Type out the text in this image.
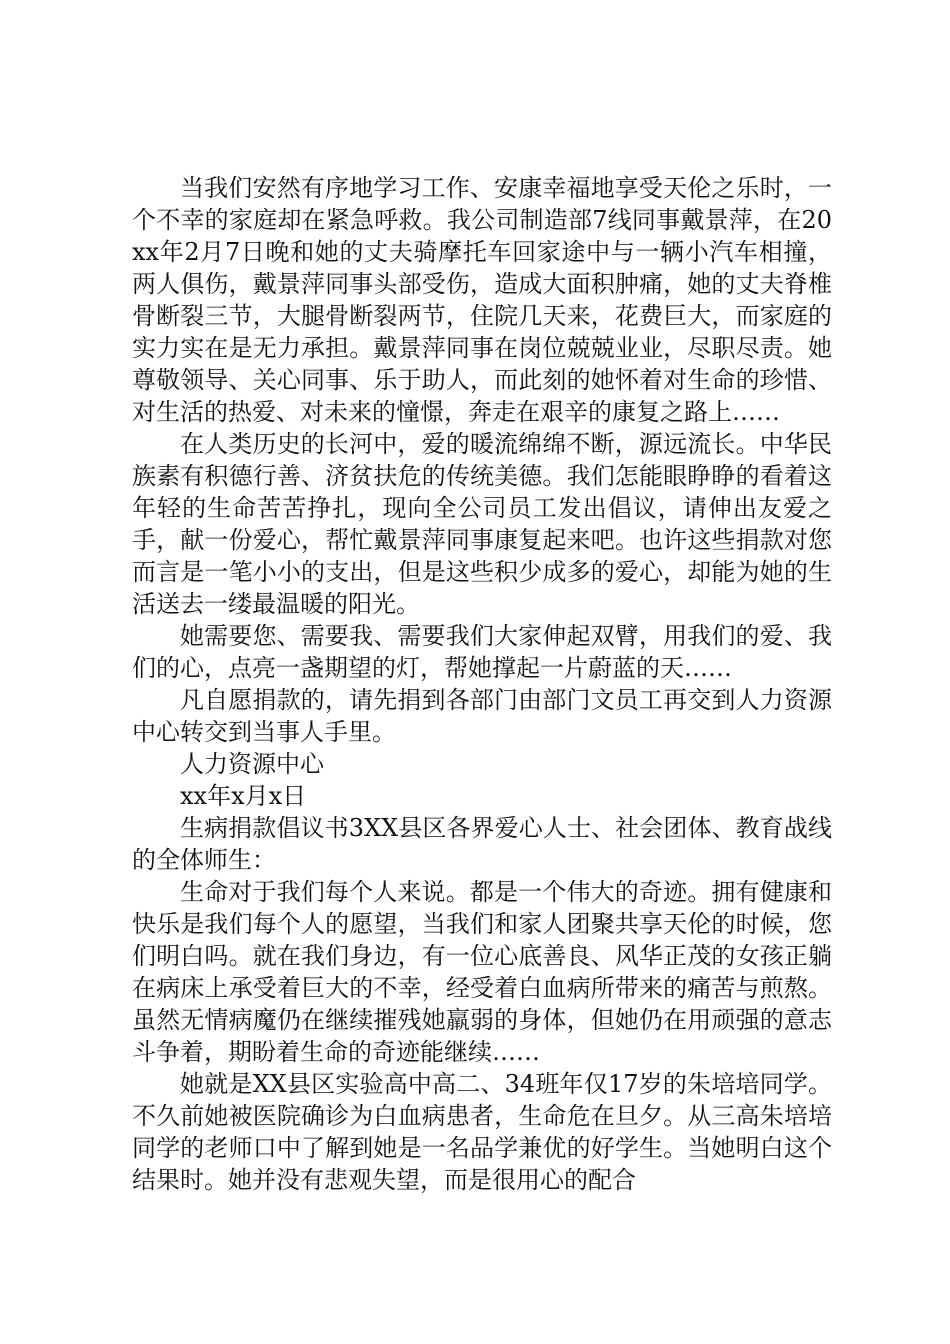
当我们安然有序地学习工作、安康幸福地享受天伦之乐时，一个不幸的家庭却在紧急呼救。我公司制造部7线同事戴景萍，在20xx年2月7日晚和她的丈夫骑摩托车回家途中与一辆小汽车相撞，两人俱伤，戴景萍同事头部受伤，造成大面积肿痛，她的丈夫脊椎骨断裂三节，大腿骨断裂两节，住院几天来，花费巨大，而家庭的实力实在是无力承担。戴景萍同事在岗位兢兢业业，尽职尽责。她尊敬领导、关心同事、乐于助人，而此刻的她怀着对生命的珍惜、对生活的热爱、对未来的憧憬，奔走在艰辛的康复之路上……

在人类历史的长河中，爱的暖流绵绵不断，源远流长。中华民族素有积德行善、济贫扶危的传统美德。我们怎能眼睁睁的看着这年轻的生命苦苦挣扎，现向全公司员工发出倡议，请伸出友爱之手，献一份爱心，帮忙戴景萍同事康复起来吧。也许这些捐款对您而言是一笔小小的支出，但是这些积少成多的爱心，却能为她的生活送去一缕最温暖的阳光。

她需要您、需要我、需要我们大家伸起双臂，用我们的爱、我们的心，点亮一盏期望的灯，帮她撑起一片蔚蓝的天……

凡自愿捐款的，请先捐到各部门由部门文员工再交到人力资源中心转交到当事人手里。

人力资源中心

xx年x月x日

生病捐款倡议书3XX县区各界爱心人士、社会团体、教育战线的全体师生：

生命对于我们每个人来说。都是一个伟大的奇迹。拥有健康和快乐是我们每个人的愿望，当我们和家人团聚共享天伦的时候，您们明白吗。就在我们身边，有一位心底善良、风华正茂的女孩正躺在病床上承受着巨大的不幸，经受着白血病所带来的痛苦与煎熬。虽然无情病魔仍在继续摧残她羸弱的身体，但她仍在用顽强的意志斗争着，期盼着生命的奇迹能继续……

她就是XX县区实验高中高二、34班年仅17岁的朱培培同学。不久前她被医院确诊为白血病患者，生命危在旦夕。从三高朱培培同学的老师口中了解到她是一名品学兼优的好学生。当她明白这个结果时。她并没有悲观失望，而是很用心的配合
